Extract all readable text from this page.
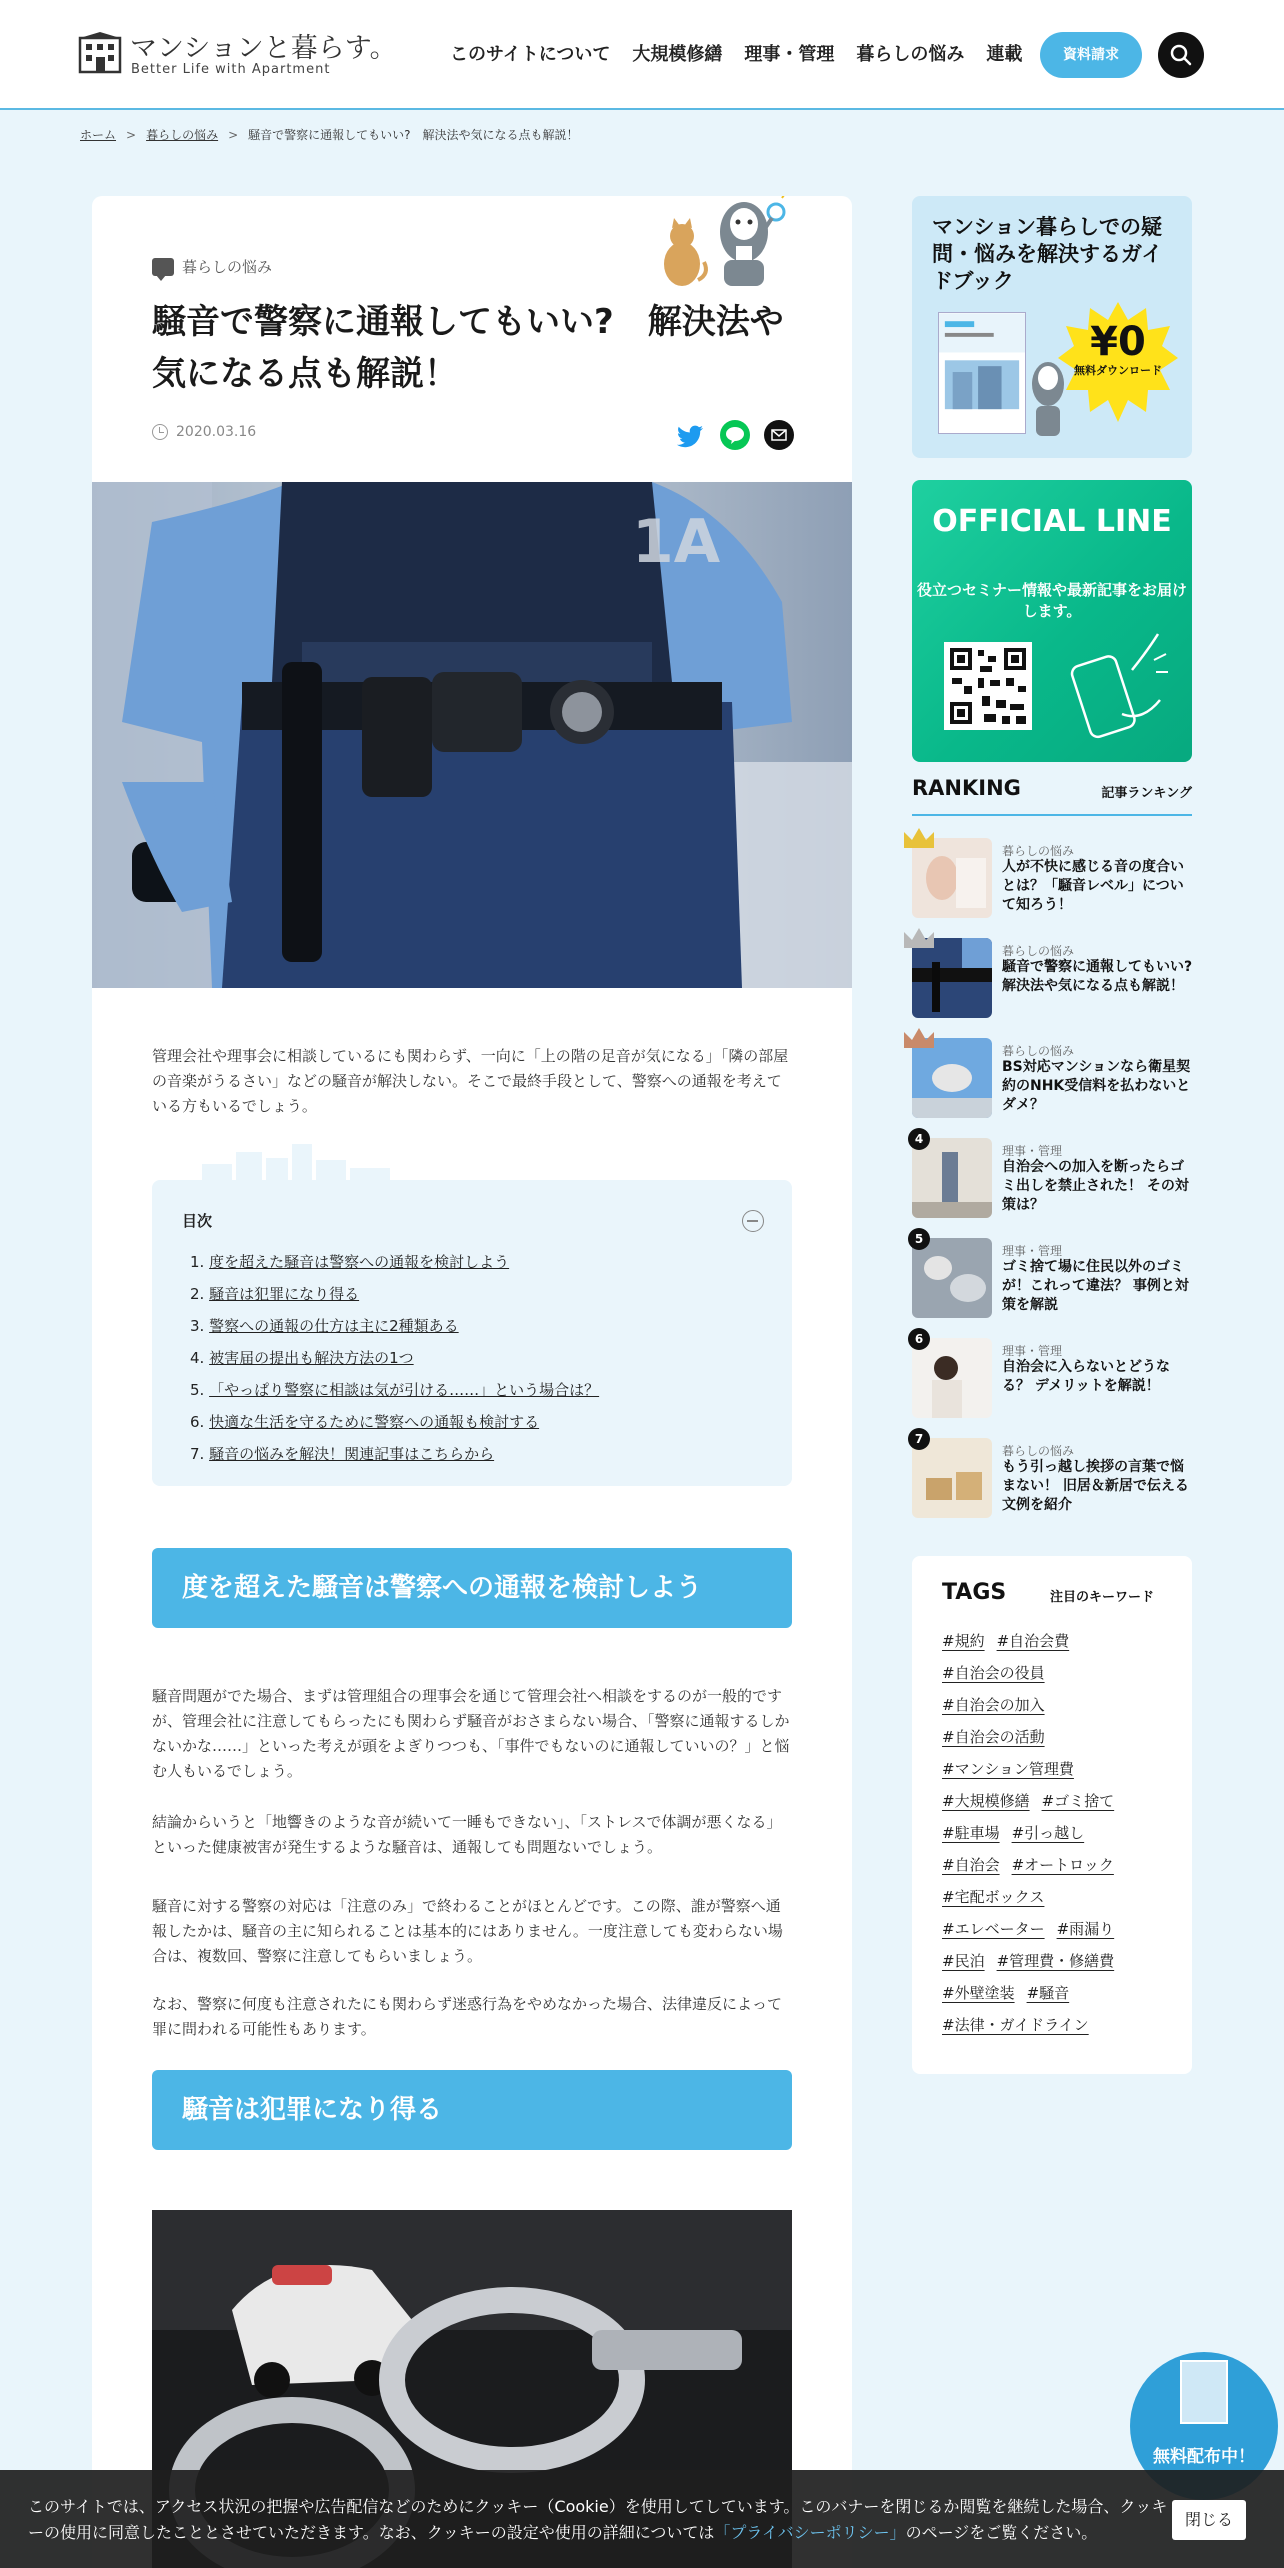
マンションと暮らす。
Better Life with Apartment
このサイトについて 大規模修繕 理事・管理 暮らしの悩み 連載	資料請求
ホーム > 暮らしの悩み > 騒音で警察に通報してもいい?　解決法や気になる点も解説！
暮らしの悩み
騒音で警察に通報してもいい?　解決法や気になる点も解説！
2020.03.16
1A

管理会社や理事会に相談しているにも関わらず、一向に「上の階の足音が気になる」「隣の部屋の音楽がうるさい」などの騒音が解決しない。そこで最終手段として、警察への通報を考えている方もいるでしょう。

目次
1. 度を超えた騒音は警察への通報を検討しよう
2. 騒音は犯罪になり得る
3. 警察への通報の仕方は主に2種類ある
4. 被害届の提出も解決方法の1つ
5. 「やっぱり警察に相談は気が引ける……」という場合は？
6. 快適な生活を守るために警察への通報も検討する
7. 騒音の悩みを解決！関連記事はこちらから
度を超えた騒音は警察への通報を検討しよう

騒音問題がでた場合、まずは管理組合の理事会を通じて管理会社へ相談をするのが一般的ですが、管理会社に注意してもらったにも関わらず騒音がおさまらない場合、「警察に通報するしかないかな……」といった考えが頭をよぎりつつも、「事件でもないのに通報していいの？」と悩む人もいるでしょう。

結論からいうと「地響きのような音が続いて一睡もできない」、「ストレスで体調が悪くなる」といった健康被害が発生するような騒音は、通報しても問題ないでしょう。

騒音に対する警察の対応は「注意のみ」で終わることがほとんどです。この際、誰が警察へ通報したかは、騒音の主に知られることは基本的にはありません。一度注意しても変わらない場合は、複数回、警察に注意してもらいましょう。

なお、警察に何度も注意されたにも関わらず迷惑行為をやめなかった場合、法律違反によって罪に問われる可能性もあります。

騒音は犯罪になり得る
マンション暮らしでの疑問・悩みを解決するガイドブック
¥0
無料ダウンロード
OFFICIAL LINE
役立つセミナー情報や最新記事をお届けします。
RANKING	記事ランキング
暮らしの悩み
人が不快に感じる音の度合いとは？「騒音レベル」について知ろう！
暮らしの悩み
騒音で警察に通報してもいい?　解決法や気になる点も解説！
暮らしの悩み
BS対応マンションなら衛星契約のNHK受信料を払わないとダメ？
4
理事・管理
自治会への加入を断ったらゴミ出しを禁止された！ その対策は？
5
理事・管理
ゴミ捨て場に住民以外のゴミが！これって違法？ 事例と対策を解説
6
理事・管理
自治会に入らないとどうなる？ デメリットを解説！
7
暮らしの悩み
もう引っ越し挨拶の言葉で悩まない！ 旧居＆新居で伝える文例を紹介
TAGS	注目のキーワード
#規約 #自治会費
#自治会の役員
#自治会の加入
#自治会の活動
#マンション管理費
#大規模修繕 #ゴミ捨て
#駐車場 #引っ越し
#自治会 #オートロック
#宅配ボックス
#エレベーター #雨漏り
#民泊 #管理費・修繕費
#外壁塗装 #騒音
#法律・ガイドライン
無料配布中！

このサイトでは、アクセス状況の把握や広告配信などのためにクッキー（Cookie）を使用してしています。このバナーを閉じるか閲覧を継続した場合、クッキーの使用に同意したこととさせていただきます。なお、クッキーの設定や使用の詳細については「プライバシーポリシー」のページをご覧ください。

閉じる
